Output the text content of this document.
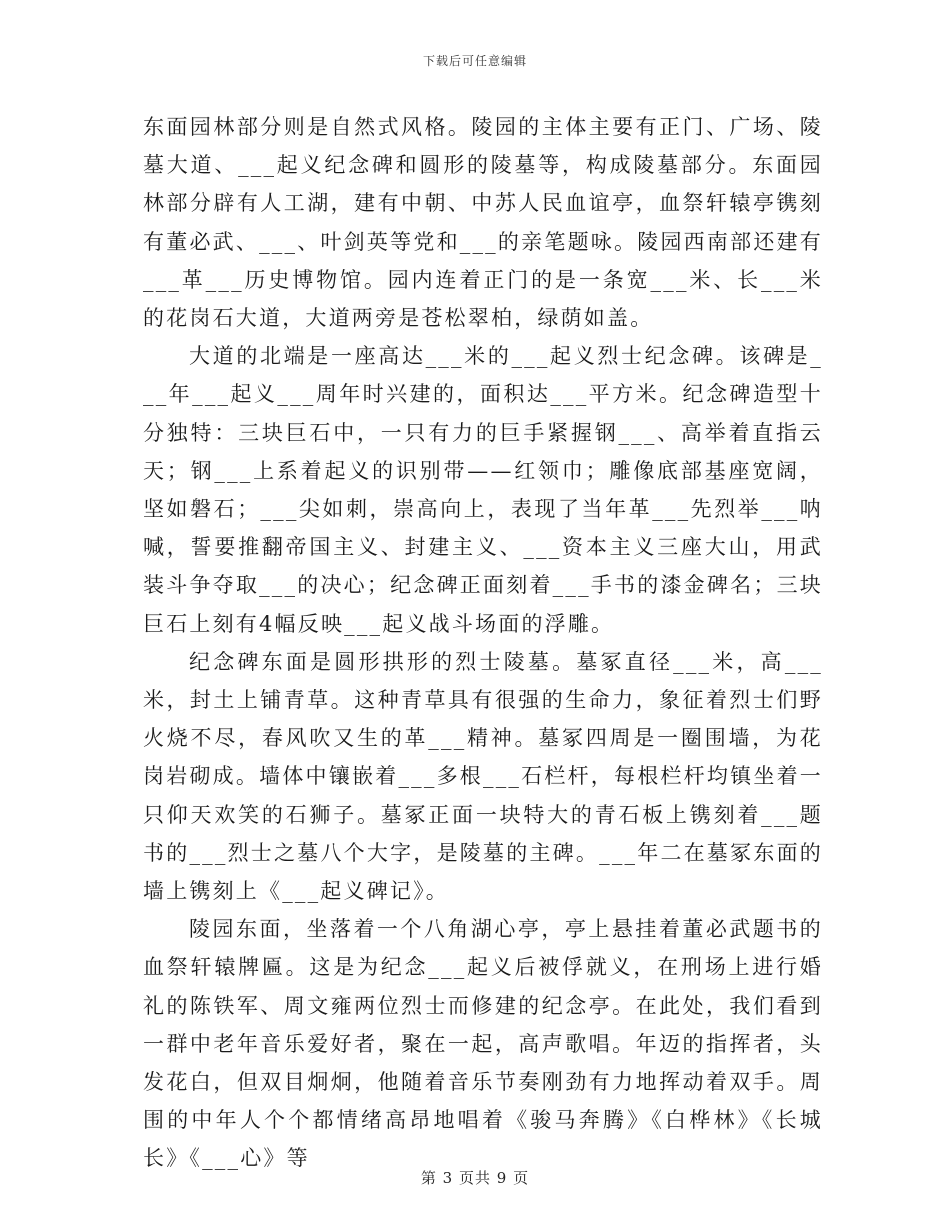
下载后可任意编辑

东面园林部分则是自然式风格。陵园的主体主要有正门、广场、陵墓大道、___起义纪念碑和圆形的陵墓等，构成陵墓部分。东面园林部分辟有人工湖，建有中朝、中苏人民血谊亭，血祭轩辕亭镌刻有董必武、___、叶剑英等党和___的亲笔题咏。陵园西南部还建有___革___历史博物馆。园内连着正门的是一条宽___米、长___米的花岗石大道，大道两旁是苍松翠柏，绿荫如盖。

大道的北端是一座高达___米的___起义烈士纪念碑。该碑是___年___起义___周年时兴建的，面积达___平方米。纪念碑造型十分独特：三块巨石中，一只有力的巨手紧握钢___、高举着直指云天；钢___上系着起义的识别带——红领巾；雕像底部基座宽阔，坚如磐石；___尖如刺，崇高向上，表现了当年革___先烈举___呐喊，誓要推翻帝国主义、封建主义、___资本主义三座大山，用武装斗争夺取___的决心；纪念碑正面刻着___手书的漆金碑名；三块巨石上刻有4幅反映___起义战斗场面的浮雕。

纪念碑东面是圆形拱形的烈士陵墓。墓冢直径___米，高___米，封土上铺青草。这种青草具有很强的生命力，象征着烈士们野火烧不尽，春风吹又生的革___精神。墓冢四周是一圈围墙，为花岗岩砌成。墙体中镶嵌着___多根___石栏杆，每根栏杆均镇坐着一只仰天欢笑的石狮子。墓冢正面一块特大的青石板上镌刻着___题书的___烈士之墓八个大字，是陵墓的主碑。___年二在墓冢东面的墙上镌刻上《___起义碑记》。

陵园东面，坐落着一个八角湖心亭，亭上悬挂着董必武题书的血祭轩辕牌匾。这是为纪念___起义后被俘就义，在刑场上进行婚礼的陈铁军、周文雍两位烈士而修建的纪念亭。在此处，我们看到一群中老年音乐爱好者，聚在一起，高声歌唱。年迈的指挥者，头发花白，但双目炯炯，他随着音乐节奏刚劲有力地挥动着双手。周围的中年人个个都情绪高昂地唱着《骏马奔腾》《白桦林》《长城长》《___心》等

第 3 页共 9 页
